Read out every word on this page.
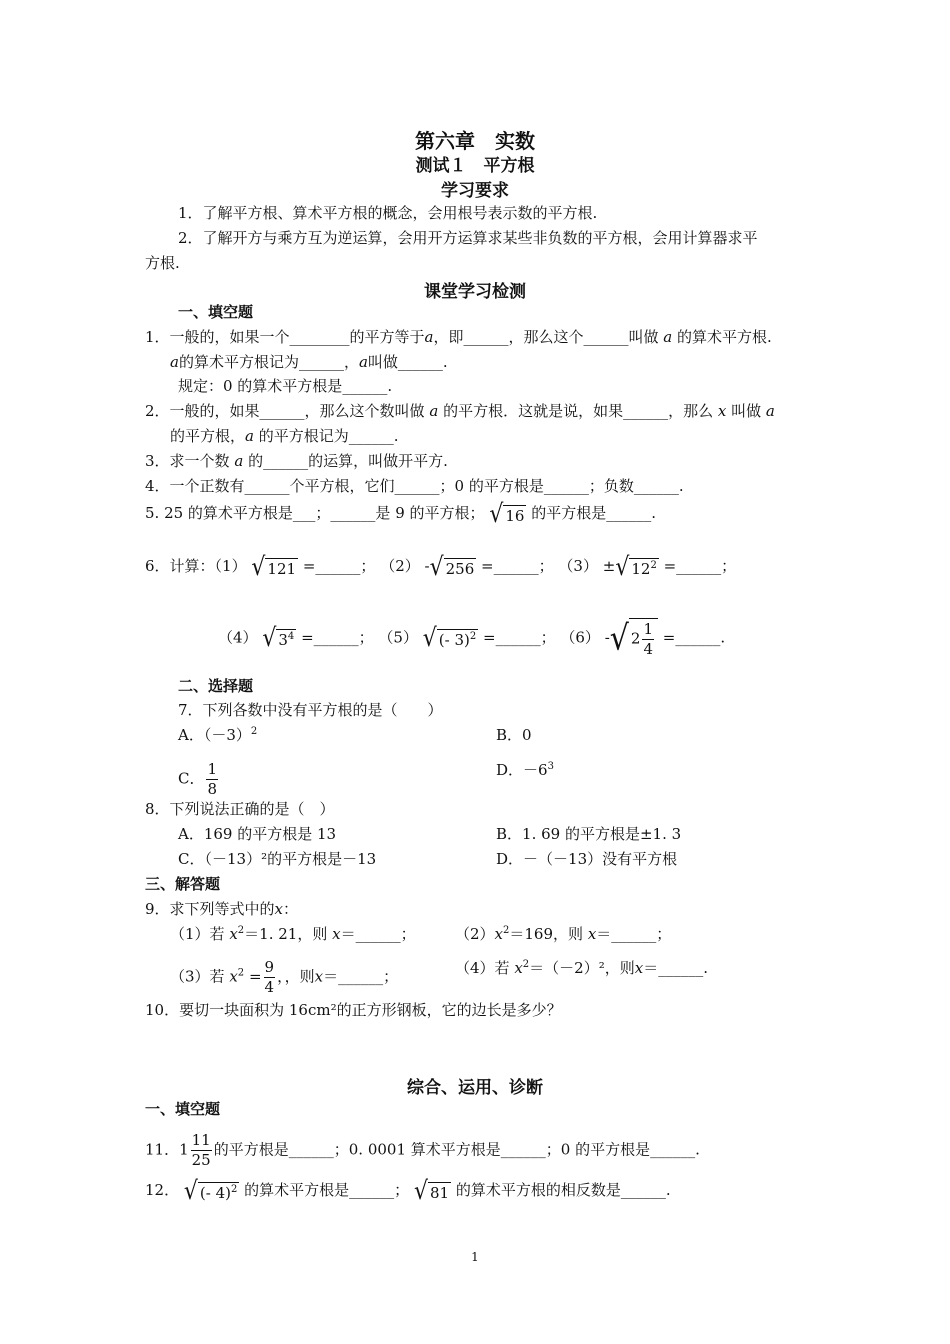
第六章　实数
测试１　平方根
学习要求
1．了解平方根、算术平方根的概念，会用根号表示数的平方根.
2．了解开方与乘方互为逆运算，会用开方运算求某些非负数的平方根，会用计算器求平
方根.
课堂学习检测
一、填空题
1．一般的，如果一个________的平方等于a，即______，那么这个______叫做 a 的算术平方根.
a的算术平方根记为______，a叫做______.
规定：0 的算术平方根是______.
2．一般的，如果______，那么这个数叫做 a 的平方根．这就是说，如果______，那么 x 叫做 a
的平方根，a 的平方根记为______.
3．求一个数 a 的______的运算，叫做开平方.
4．一个正数有______个平方根，它们______；0 的平方根是______；负数______.
5. 25 的算术平方根是___；______是 9 的平方根； √ 16 的平方根是______.
6．计算：（1） √ 121 =______； （2） -√ 256 =______； （3） ±√ $12^2$ =______；
（4） √ $3^4$ =______； （5） √ (- 3)$^2$ =______； （6） -√ $2 \frac{1}{4}$ =______.
二、选择题
7．下列各数中没有平方根的是（　　）
A．$(-3)^2$	B．0
C． $\frac{1}{8}$	D．$-6^3$
8．下列说法正确的是（　）
A．169 的平方根是 13	B．1. 69 的平方根是±1. 3
C．（－13）²的平方根是－13	D．－（－13）没有平方根
三、解答题
9．求下列等式中的x：
（1）若 $x^2=1$. 21，则 x＝______；	$(2)x^2=169$，则 x＝______；
（3）若 $x^2 = \frac{9}{4}$ ，，则x＝______；	（4）若 $x^2=(-2)^2$，则x＝______.
10．要切一块面积为 16cm²的正方形钢板，它的边长是多少？
综合、运用、诊断
一、填空题
11．$1 \frac{11}{25}$ 的平方根是______；0. 0001 算术平方根是______；0 的平方根是______.
12． √ (- 4)$^2$ 的算术平方根是______； √ 81 的算术平方根的相反数是______.
1
